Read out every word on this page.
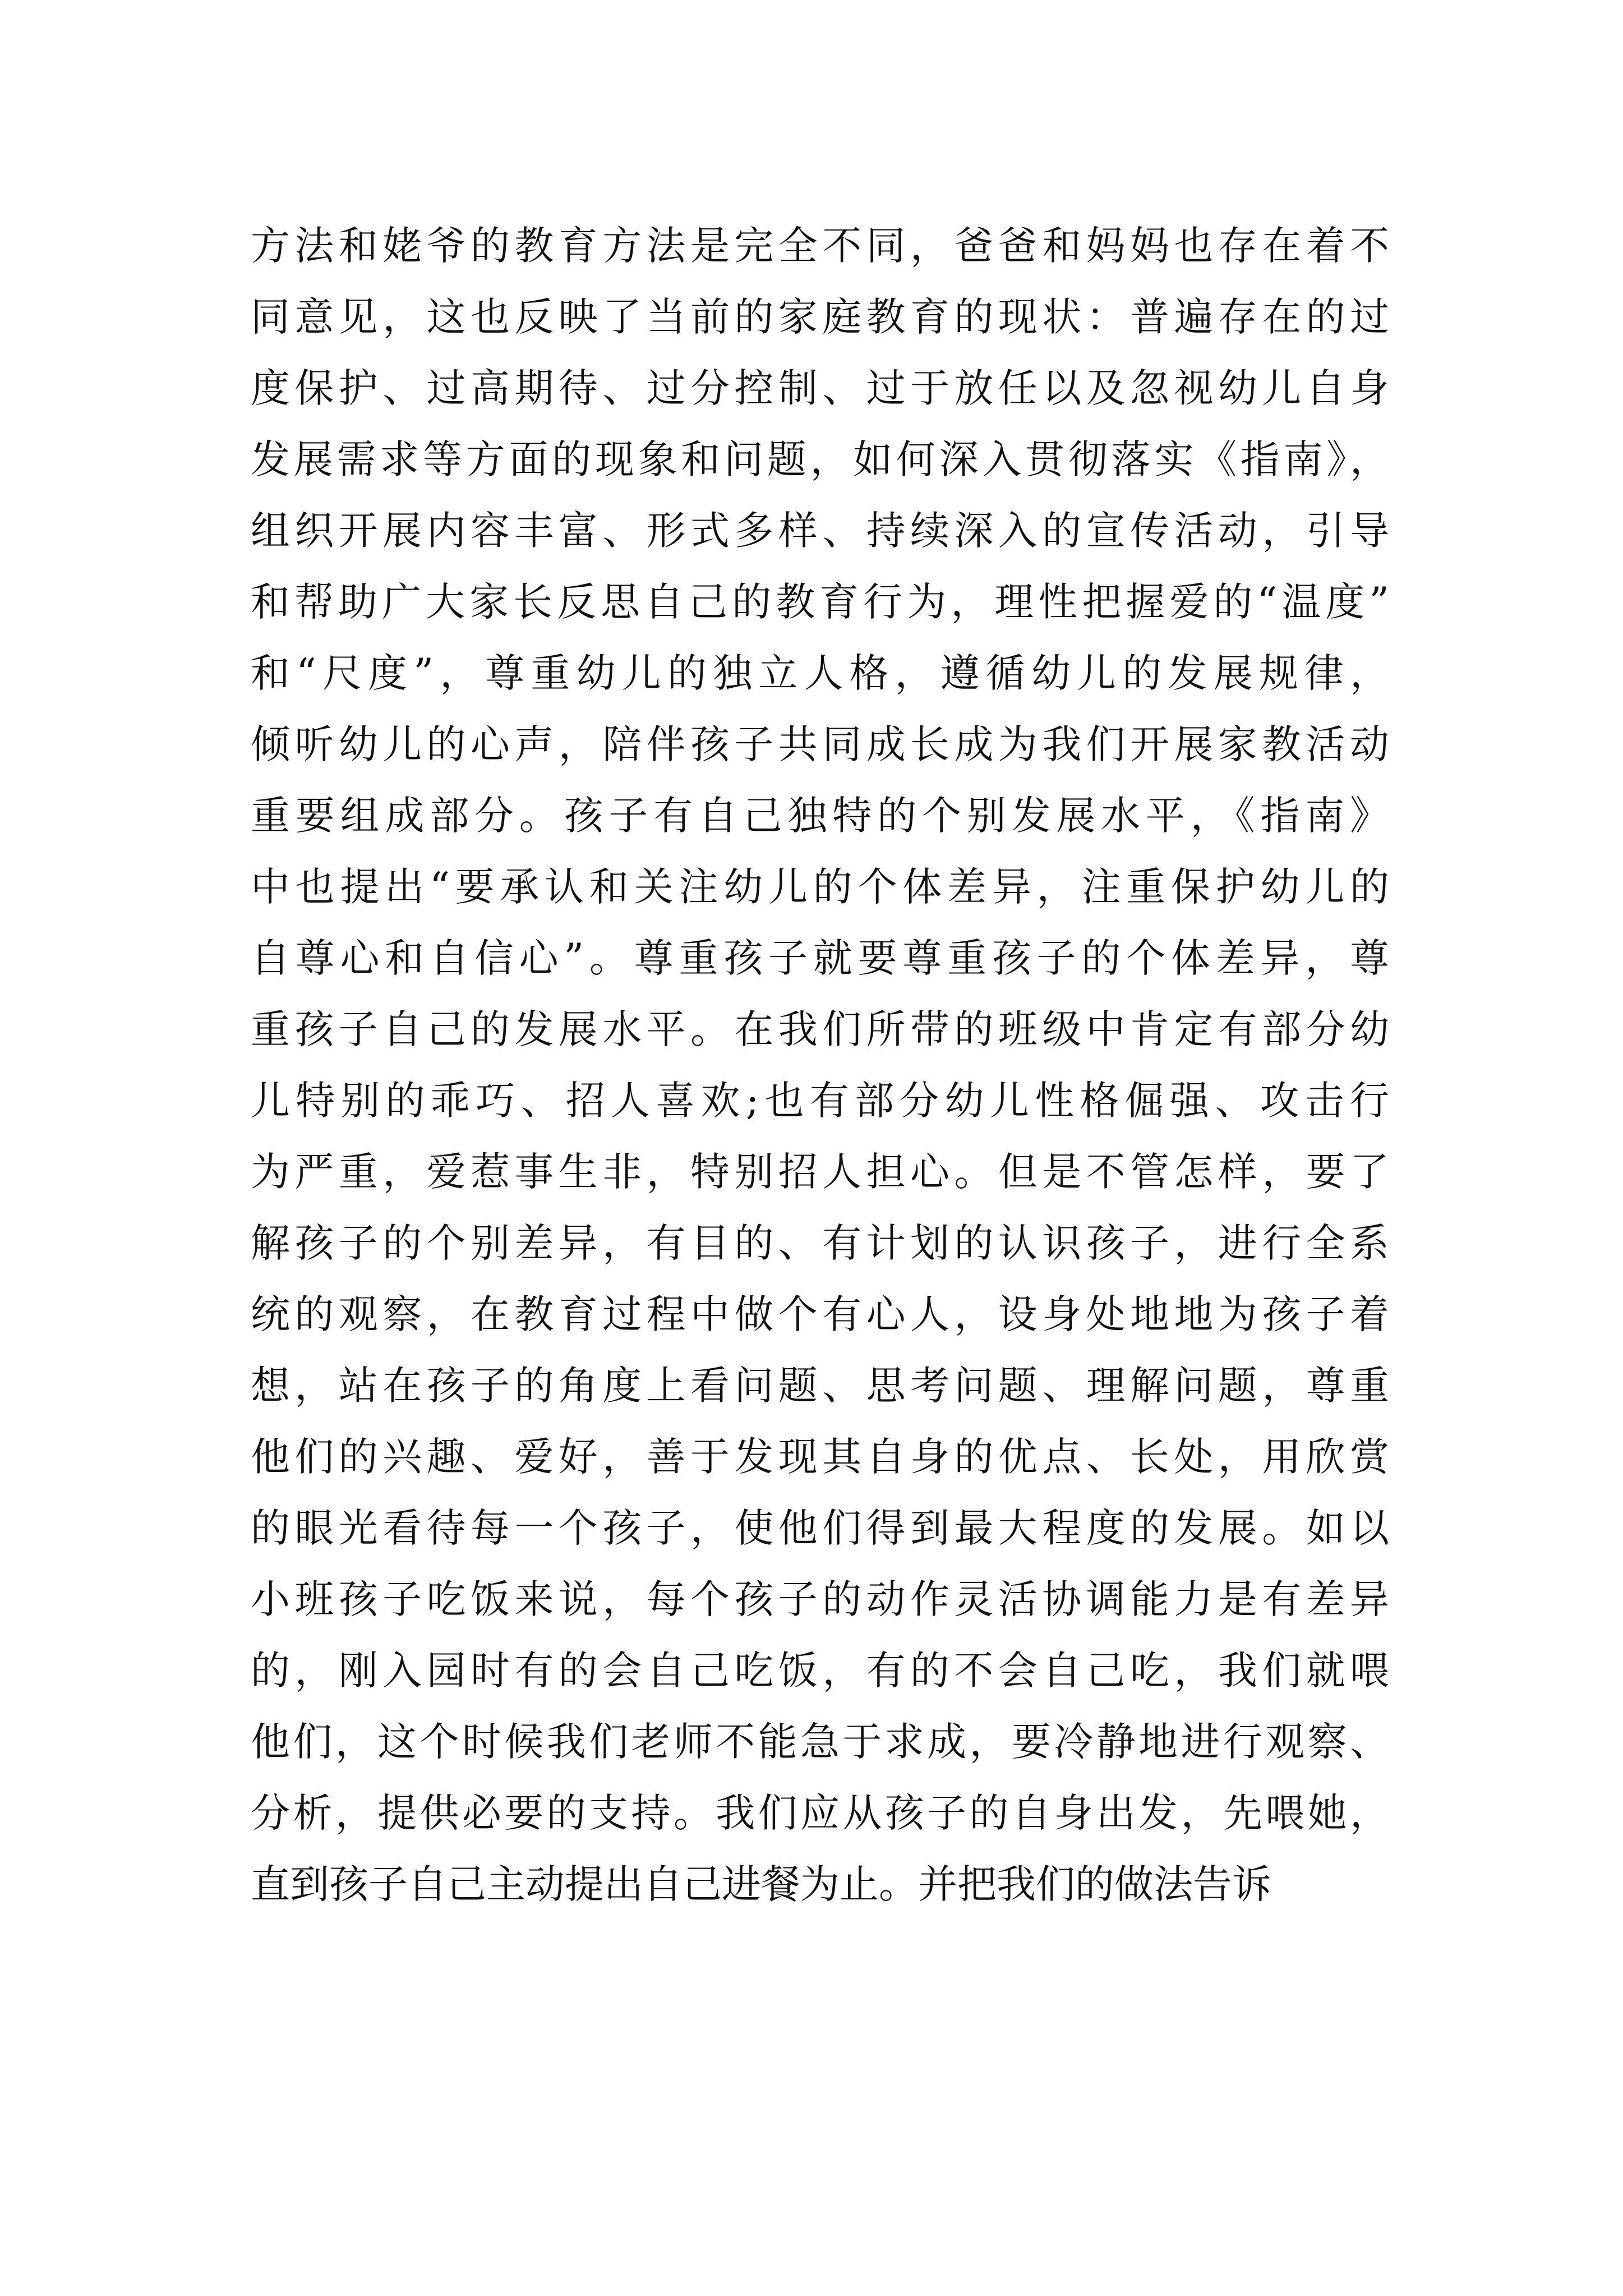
方法和姥爷的教育方法是完全不同，爸爸和妈妈也存在着不
同意见，这也反映了当前的家庭教育的现状：普遍存在的过
度保护、过高期待、过分控制、过于放任以及忽视幼儿自身
发展需求等方面的现象和问题，如何深入贯彻落实《指南》，
组织开展内容丰富、形式多样、持续深入的宣传活动，引导
和帮助广大家长反思自己的教育行为，理性把握爱的“温度”
和“尺度”，尊重幼儿的独立人格，遵循幼儿的发展规律，
倾听幼儿的心声，陪伴孩子共同成长成为我们开展家教活动
重要组成部分。孩子有自己独特的个别发展水平，《指南》
中也提出“要承认和关注幼儿的个体差异，注重保护幼儿的
自尊心和自信心”。尊重孩子就要尊重孩子的个体差异，尊
重孩子自己的发展水平。在我们所带的班级中肯定有部分幼
儿特别的乖巧、招人喜欢;也有部分幼儿性格倔强、攻击行
为严重，爱惹事生非，特别招人担心。但是不管怎样，要了
解孩子的个别差异，有目的、有计划的认识孩子，进行全系
统的观察，在教育过程中做个有心人，设身处地地为孩子着
想，站在孩子的角度上看问题、思考问题、理解问题，尊重
他们的兴趣、爱好，善于发现其自身的优点、长处，用欣赏
的眼光看待每一个孩子，使他们得到最大程度的发展。如以
小班孩子吃饭来说，每个孩子的动作灵活协调能力是有差异
的，刚入园时有的会自己吃饭，有的不会自己吃，我们就喂
他们，这个时候我们老师不能急于求成，要冷静地进行观察、
分析，提供必要的支持。我们应从孩子的自身出发，先喂她，
直到孩子自己主动提出自己进餐为止。并把我们的做法告诉
